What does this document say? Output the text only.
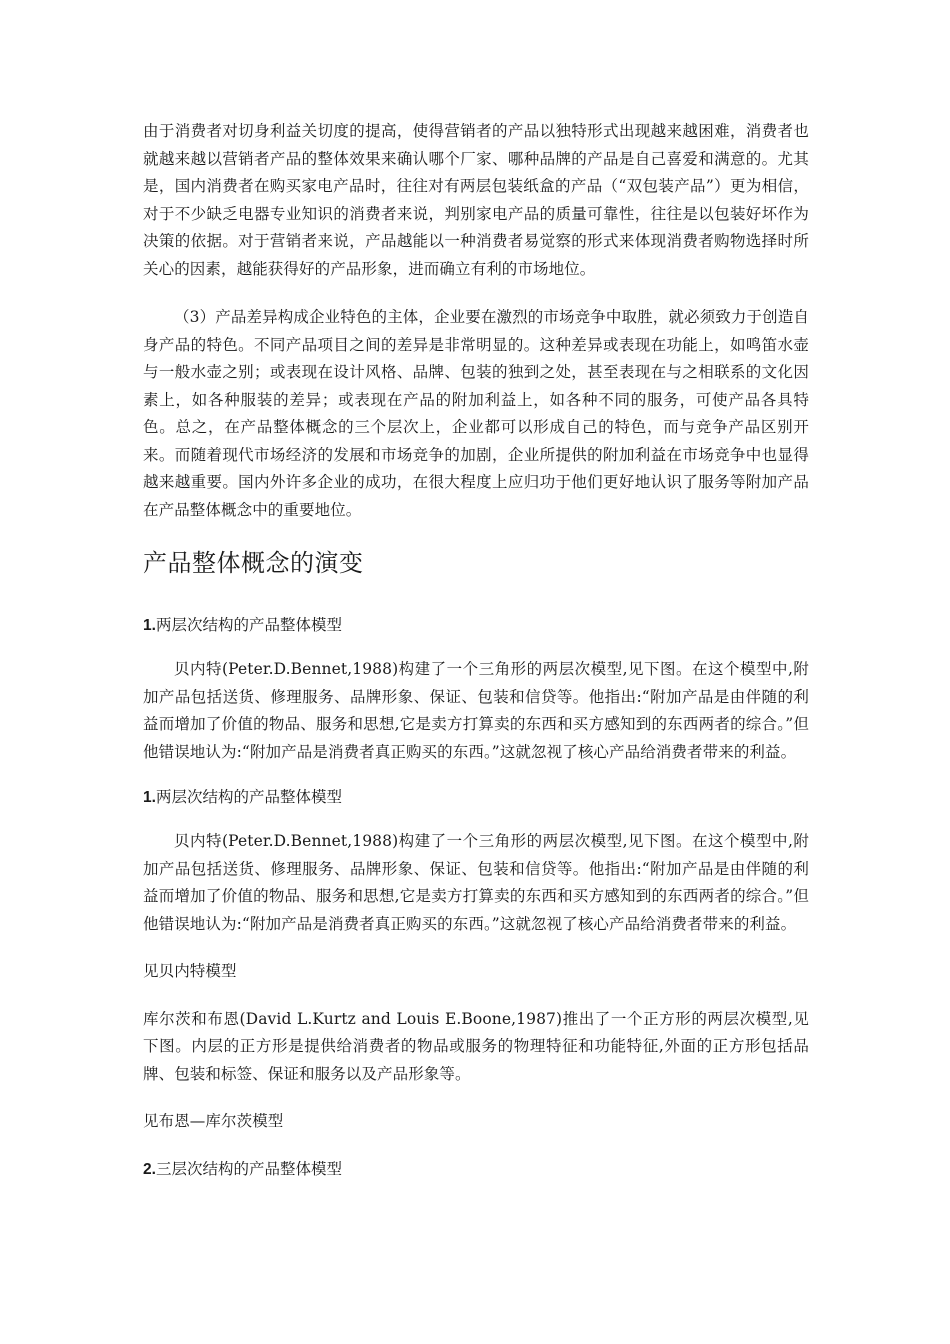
由于消费者对切身利益关切度的提高，使得营销者的产品以独特形式出现越来越困难，消费者也就越来越以营销者产品的整体效果来确认哪个厂家、哪种品牌的产品是自己喜爱和满意的。尤其是，国内消费者在购买家电产品时，往往对有两层包装纸盒的产品（“双包装产品”）更为相信，对于不少缺乏电器专业知识的消费者来说，判别家电产品的质量可靠性，往往是以包装好坏作为决策的依据。对于营销者来说，产品越能以一种消费者易觉察的形式来体现消费者购物选择时所关心的因素，越能获得好的产品形象，进而确立有利的市场地位。

（3）产品差异构成企业特色的主体，企业要在激烈的市场竞争中取胜，就必须致力于创造自身产品的特色。不同产品项目之间的差异是非常明显的。这种差异或表现在功能上，如鸣笛水壶与一般水壶之别；或表现在设计风格、品牌、包装的独到之处，甚至表现在与之相联系的文化因素上，如各种服装的差异；或表现在产品的附加利益上，如各种不同的服务，可使产品各具特色。总之，在产品整体概念的三个层次上，企业都可以形成自己的特色，而与竞争产品区别开来。而随着现代市场经济的发展和市场竞争的加剧，企业所提供的附加利益在市场竞争中也显得越来越重要。国内外许多企业的成功，在很大程度上应归功于他们更好地认识了服务等附加产品在产品整体概念中的重要地位。

产品整体概念的演变
1.两层次结构的产品整体模型

贝内特(Peter.D.Bennet,1988)构建了一个三角形的两层次模型,见下图。在这个模型中,附加产品包括送货、修理服务、品牌形象、保证、包装和信贷等。他指出:“附加产品是由伴随的利益而增加了价值的物品、服务和思想,它是卖方打算卖的东西和买方感知到的东西两者的综合。”但他错误地认为:“附加产品是消费者真正购买的东西。”这就忽视了核心产品给消费者带来的利益。

1.两层次结构的产品整体模型

贝内特(Peter.D.Bennet,1988)构建了一个三角形的两层次模型,见下图。在这个模型中,附加产品包括送货、修理服务、品牌形象、保证、包装和信贷等。他指出:“附加产品是由伴随的利益而增加了价值的物品、服务和思想,它是卖方打算卖的东西和买方感知到的东西两者的综合。”但他错误地认为:“附加产品是消费者真正购买的东西。”这就忽视了核心产品给消费者带来的利益。

见贝内特模型

库尔茨和布恩(David L.Kurtz and Louis E.Boone,1987)推出了一个正方形的两层次模型,见下图。内层的正方形是提供给消费者的物品或服务的物理特征和功能特征,外面的正方形包括品牌、包装和标签、保证和服务以及产品形象等。

见布恩—库尔茨模型

2.三层次结构的产品整体模型
